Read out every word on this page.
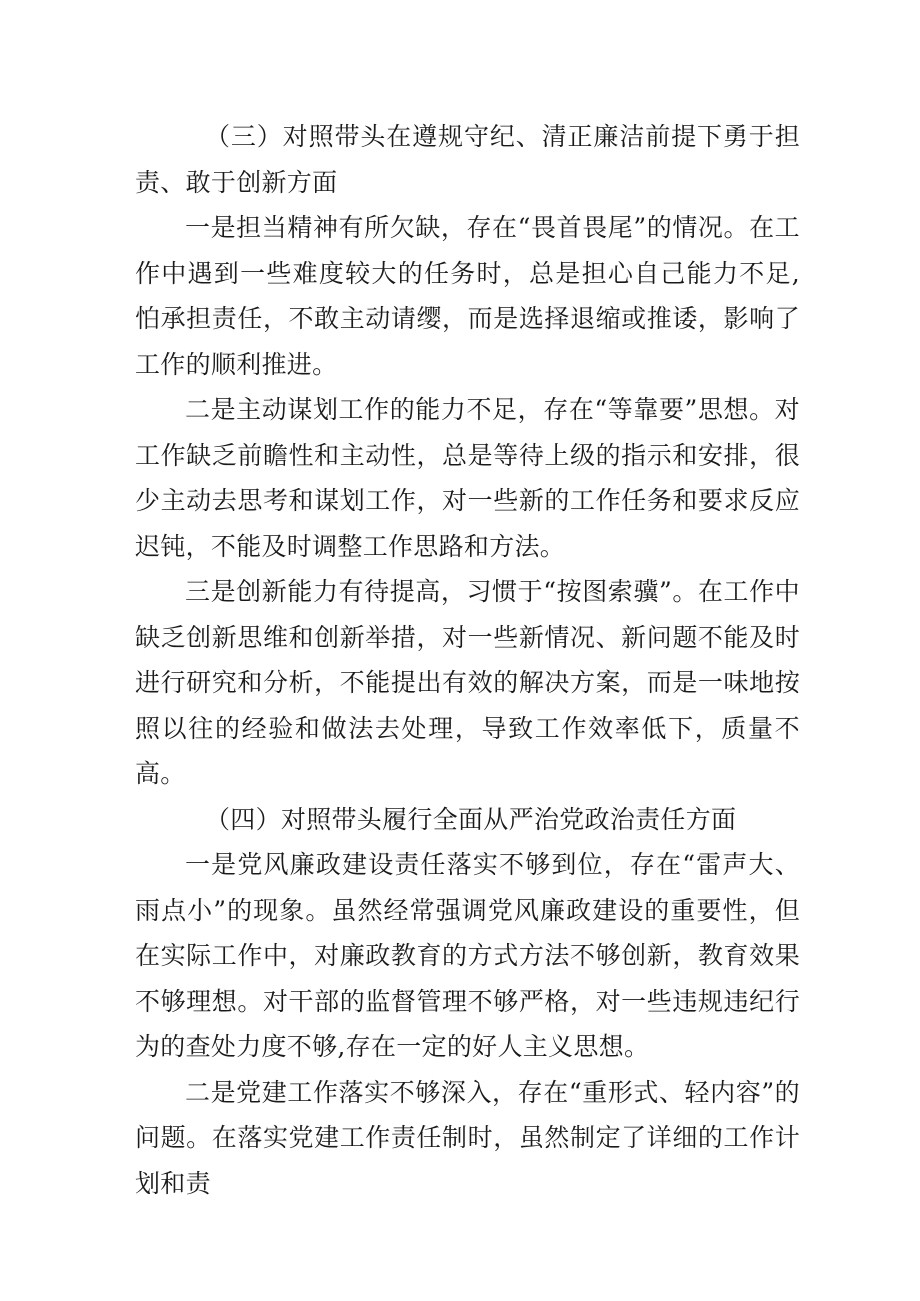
（三）对照带头在遵规守纪、清正廉洁前提下勇于担责、敢于创新方面

一是担当精神有所欠缺，存在“畏首畏尾”的情况。在工作中遇到一些难度较大的任务时，总是担心自己能力不足,怕承担责任，不敢主动请缨，而是选择退缩或推诿，影响了工作的顺利推进。

二是主动谋划工作的能力不足，存在“等靠要”思想。对工作缺乏前瞻性和主动性，总是等待上级的指示和安排，很少主动去思考和谋划工作，对一些新的工作任务和要求反应迟钝，不能及时调整工作思路和方法。

三是创新能力有待提高，习惯于“按图索骥”。在工作中缺乏创新思维和创新举措，对一些新情况、新问题不能及时进行研究和分析，不能提出有效的解决方案，而是一味地按照以往的经验和做法去处理，导致工作效率低下，质量不高。

（四）对照带头履行全面从严治党政治责任方面

一是党风廉政建设责任落实不够到位，存在“雷声大、雨点小”的现象。虽然经常强调党风廉政建设的重要性，但在实际工作中，对廉政教育的方式方法不够创新，教育效果不够理想。对干部的监督管理不够严格，对一些违规违纪行为的查处力度不够,存在一定的好人主义思想。

二是党建工作落实不够深入，存在“重形式、轻内容”的问题。在落实党建工作责任制时，虽然制定了详细的工作计划和责
